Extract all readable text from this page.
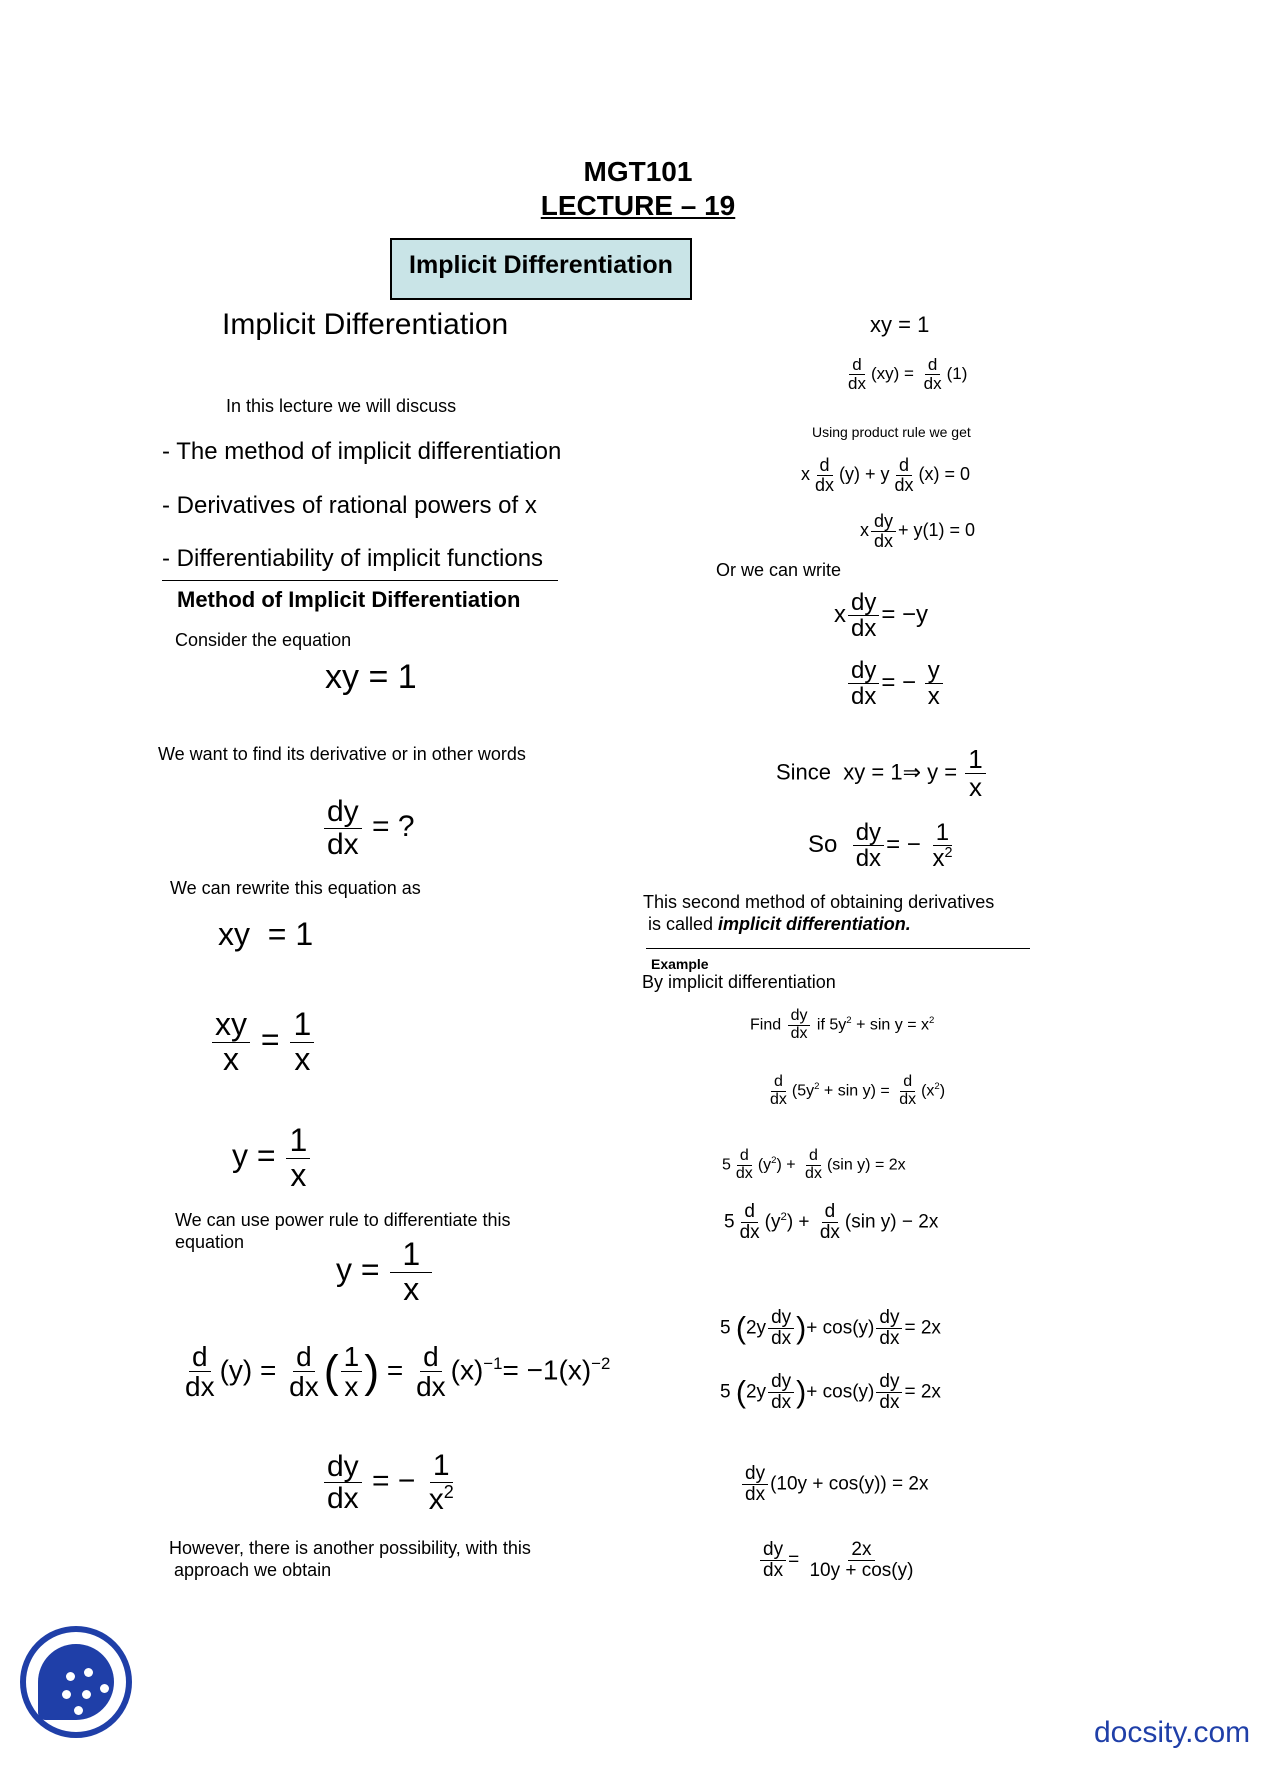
MGT101
LECTURE – 19
Implicit Differentiation
Implicit Differentiation
In this lecture we will discuss
- The method of implicit differentiation
- Derivatives of rational powers of x
- Differentiability of implicit functions
Method of Implicit Differentiation
Consider the equation
xy = 1
We want to find its derivative or in other words
$\frac{dy}{dx}$ = ?
We can rewrite this equation as
xy  = 1
$\frac{xy}{x} = \frac{1}{x}$
$y = \frac{1}{x}$
We can use power rule to differentiate this
equation
$y = \frac{1}{x}$
$\frac{d}{dx} (y) = \frac{d}{dx}$ ( $\frac{1}{x}$ ) = $\frac{d}{dx} (x)^{-1}= -1(x)^{-2}$
$\frac{dy}{dx}$ = − $\frac{1}{x^2}$
However, there is another possibility, with this
approach we obtain
xy = 1
$\frac{d}{dx} (xy) = \frac{d}{dx} (1)$
Using product rule we get
x $\frac{d}{dx} (y) + y \frac{d}{dx} (x) = 0$
x $\frac{dy}{dx} + y(1) = 0$
Or we can write
x $\frac{dy}{dx} = -y$
$\frac{dy}{dx}$ = − $\frac{y}{x}$
Since  xy = 1⇒ $y = \frac{1}{x}$
So $\frac{dy}{dx}$ = − $\frac{1}{x^2}$
This second method of obtaining derivatives
is called implicit differentiation.
Example
By implicit differentiation
Find $\frac{dy}{dx}$ if $5y^2 + \sin y = x^2$
$\frac{d}{dx} (5y^2 + \sin y) = \frac{d}{dx} (x^2)$
$5 \frac{d}{dx} (y^2) + \frac{d}{dx} (\sin$ y) = 2x
$5 \frac{d}{dx} (y^2) + \frac{d}{dx} (\sin$ y) − 2x
5 ($2y \frac{dy}{dx}$ )+ $\cos(y) \frac{dy}{dx} = 2x$
5 ($2y \frac{dy}{dx}$ )+ $\cos(y) \frac{dy}{dx} = 2x$
$\frac{dy}{dx} (10y + \cos(y)) = 2x$
$\frac{dy}{dx} = \frac{2x}{10y + \cos(y)}$
docsity.com
